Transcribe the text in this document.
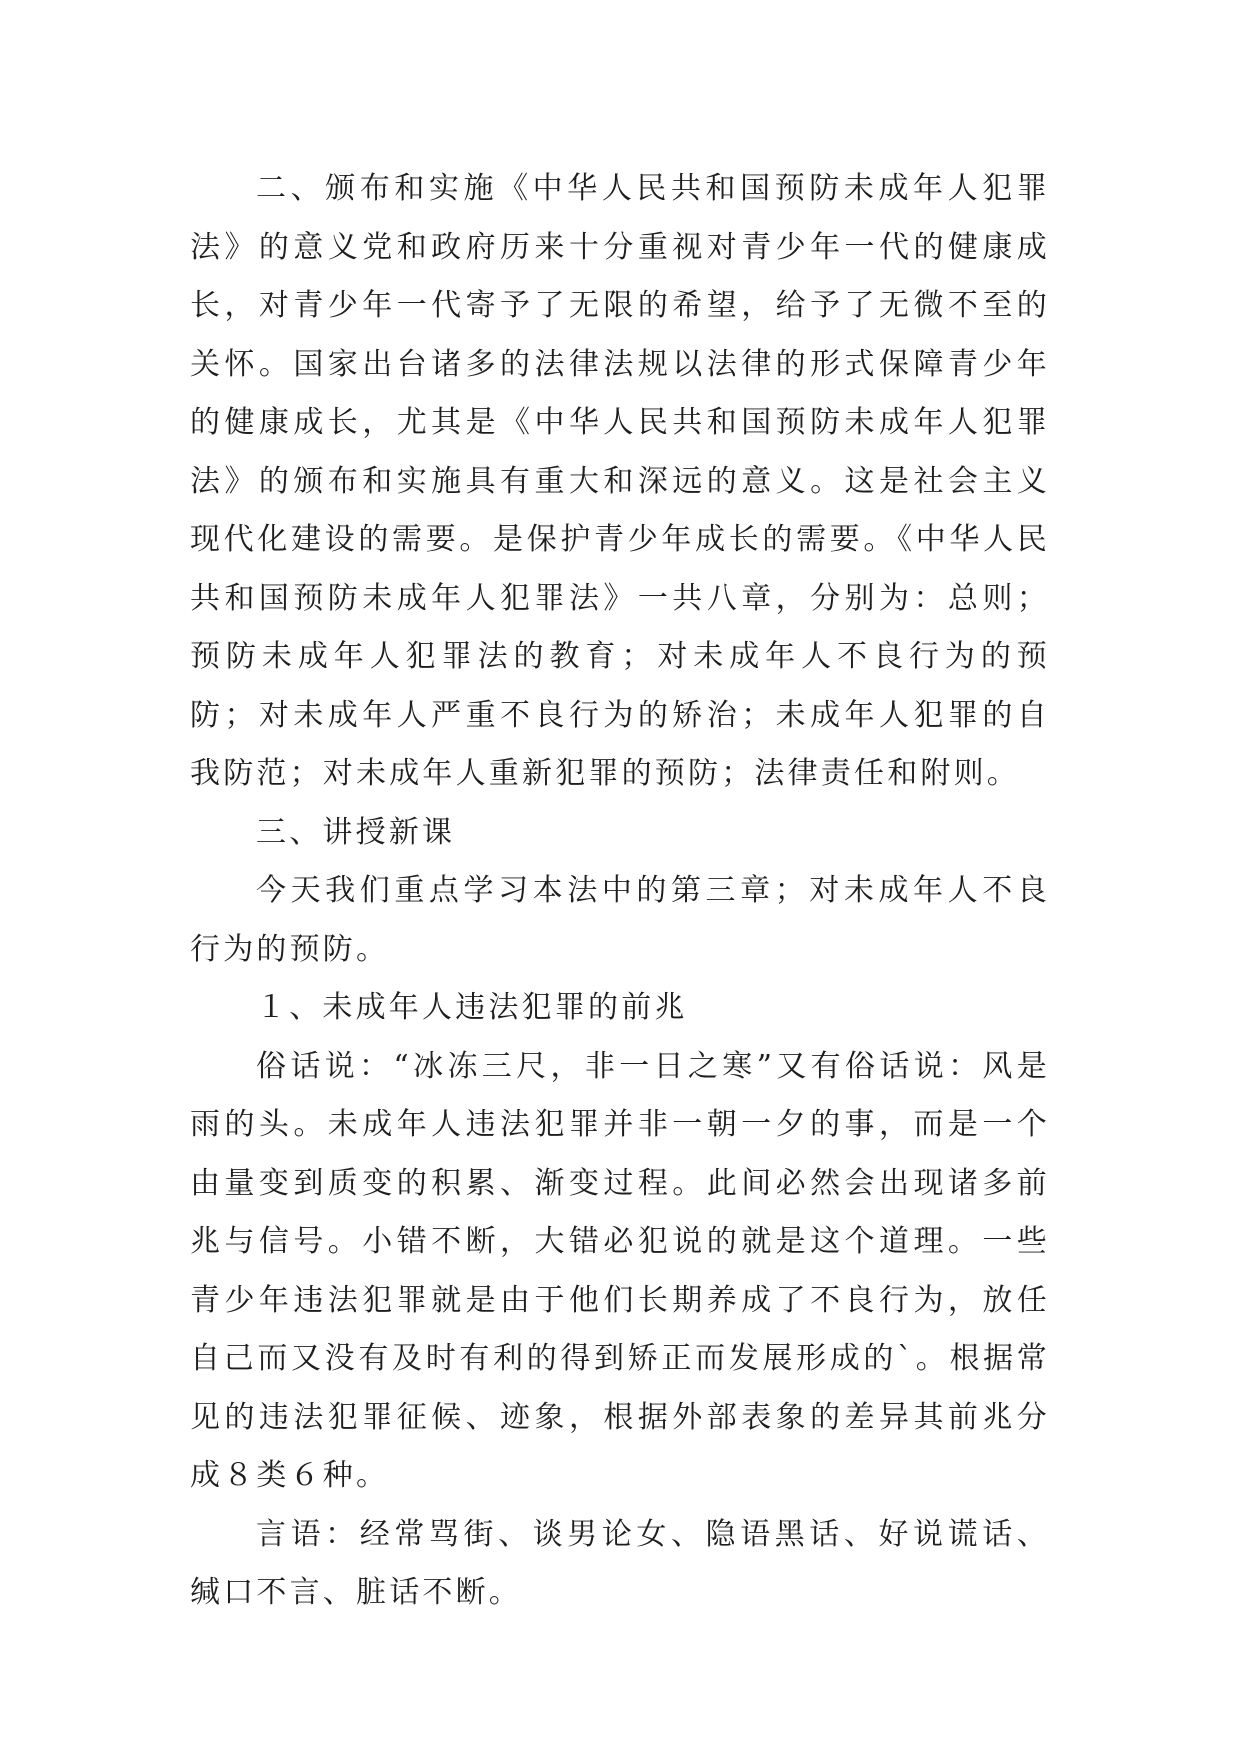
二、颁布和实施《中华人民共和国预防未成年人犯罪法》的意义党和政府历来十分重视对青少年一代的健康成长，对青少年一代寄予了无限的希望，给予了无微不至的关怀。国家出台诸多的法律法规以法律的形式保障青少年的健康成长，尤其是《中华人民共和国预防未成年人犯罪法》的颁布和实施具有重大和深远的意义。这是社会主义现代化建设的需要。是保护青少年成长的需要。《中华人民共和国预防未成年人犯罪法》一共八章，分别为：总则；预防未成年人犯罪法的教育；对未成年人不良行为的预防；对未成年人严重不良行为的矫治；未成年人犯罪的自我防范；对未成年人重新犯罪的预防；法律责任和附则。

三、讲授新课

今天我们重点学习本法中的第三章；对未成年人不良行为的预防。

１、未成年人违法犯罪的前兆

俗话说：“冰冻三尺，非一日之寒”又有俗话说：风是雨的头。未成年人违法犯罪并非一朝一夕的事，而是一个由量变到质变的积累、渐变过程。此间必然会出现诸多前兆与信号。小错不断，大错必犯说的就是这个道理。一些青少年违法犯罪就是由于他们长期养成了不良行为，放任自己而又没有及时有利的得到矫正而发展形成的`。根据常见的违法犯罪征候、迹象，根据外部表象的差异其前兆分成８类６种。

言语：经常骂街、谈男论女、隐语黑话、好说谎话、缄口不言、脏话不断。
